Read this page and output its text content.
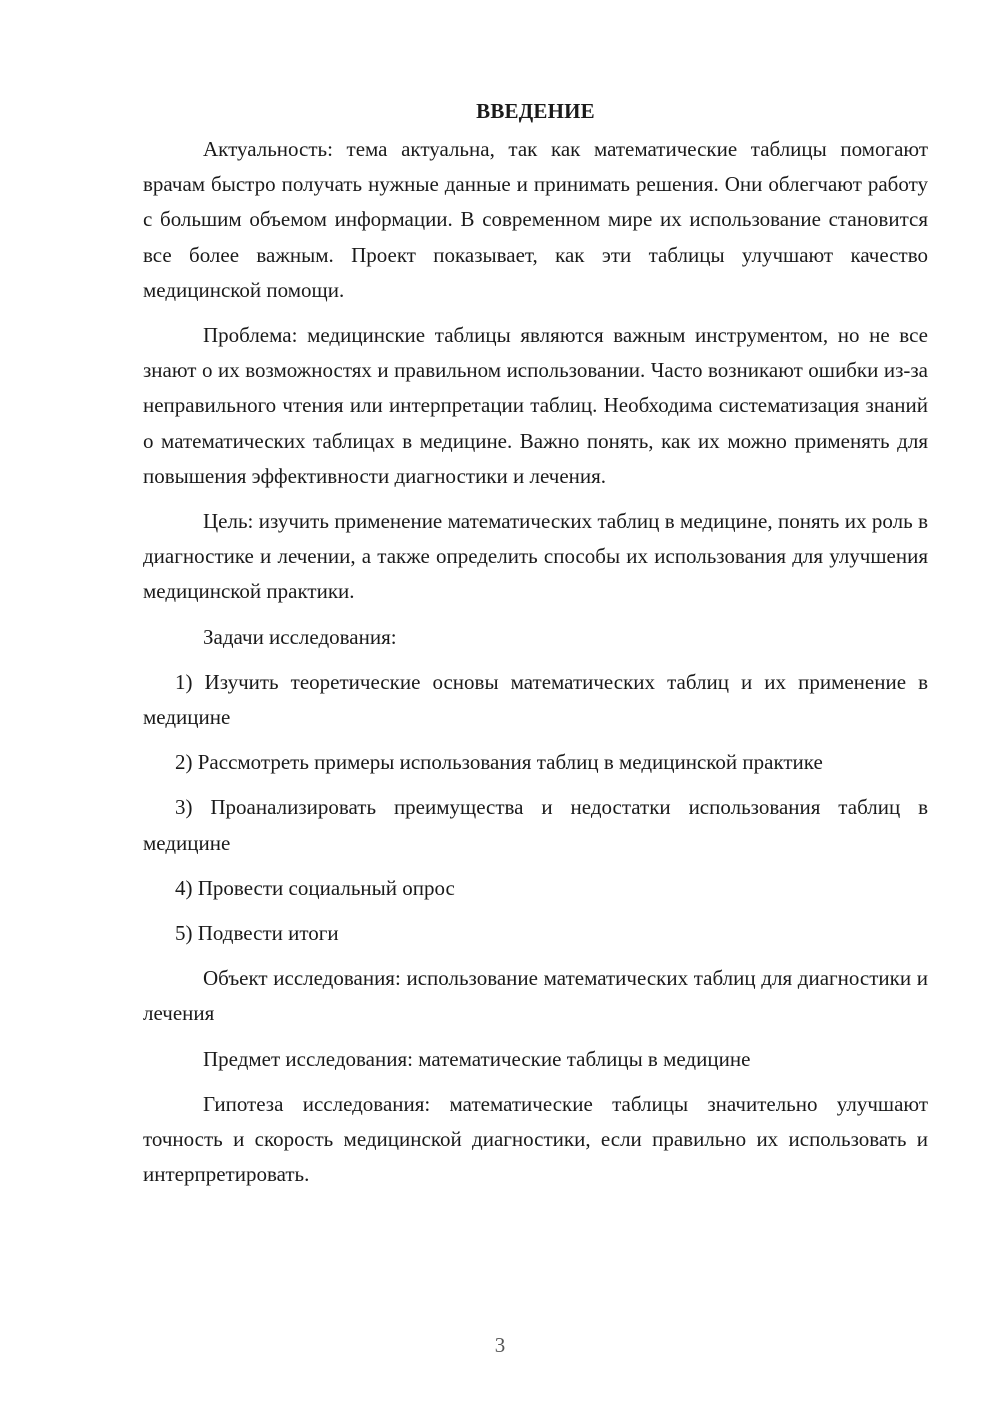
ВВЕДЕНИЕ

Актуальность: тема актуальна, так как математические таблицы помогают врачам быстро получать нужные данные и принимать решения. Они облегчают работу с большим объемом информации. В современном мире их использование становится все более важным. Проект показывает, как эти таблицы улучшают качество медицинской помощи.

Проблема: медицинские таблицы являются важным инструментом, но не все знают о их возможностях и правильном использовании. Часто возникают ошибки из-за неправильного чтения или интерпретации таблиц. Необходима систематизация знаний о математических таблицах в медицине. Важно понять, как их можно применять для повышения эффективности диагностики и лечения.

Цель: изучить применение математических таблиц в медицине, понять их роль в диагностике и лечении, а также определить способы их использования для улучшения медицинской практики.

Задачи исследования:

1) Изучить теоретические основы математических таблиц и их применение в медицине

2) Рассмотреть примеры использования таблиц в медицинской практике

3) Проанализировать преимущества и недостатки использования таблиц в медицине

4) Провести социальный опрос

5) Подвести итоги

Объект исследования: использование математических таблиц для диагностики и лечения

Предмет исследования: математические таблицы в медицине

Гипотеза исследования: математические таблицы значительно улучшают точность и скорость медицинской диагностики, если правильно их использовать и интерпретировать.

3
